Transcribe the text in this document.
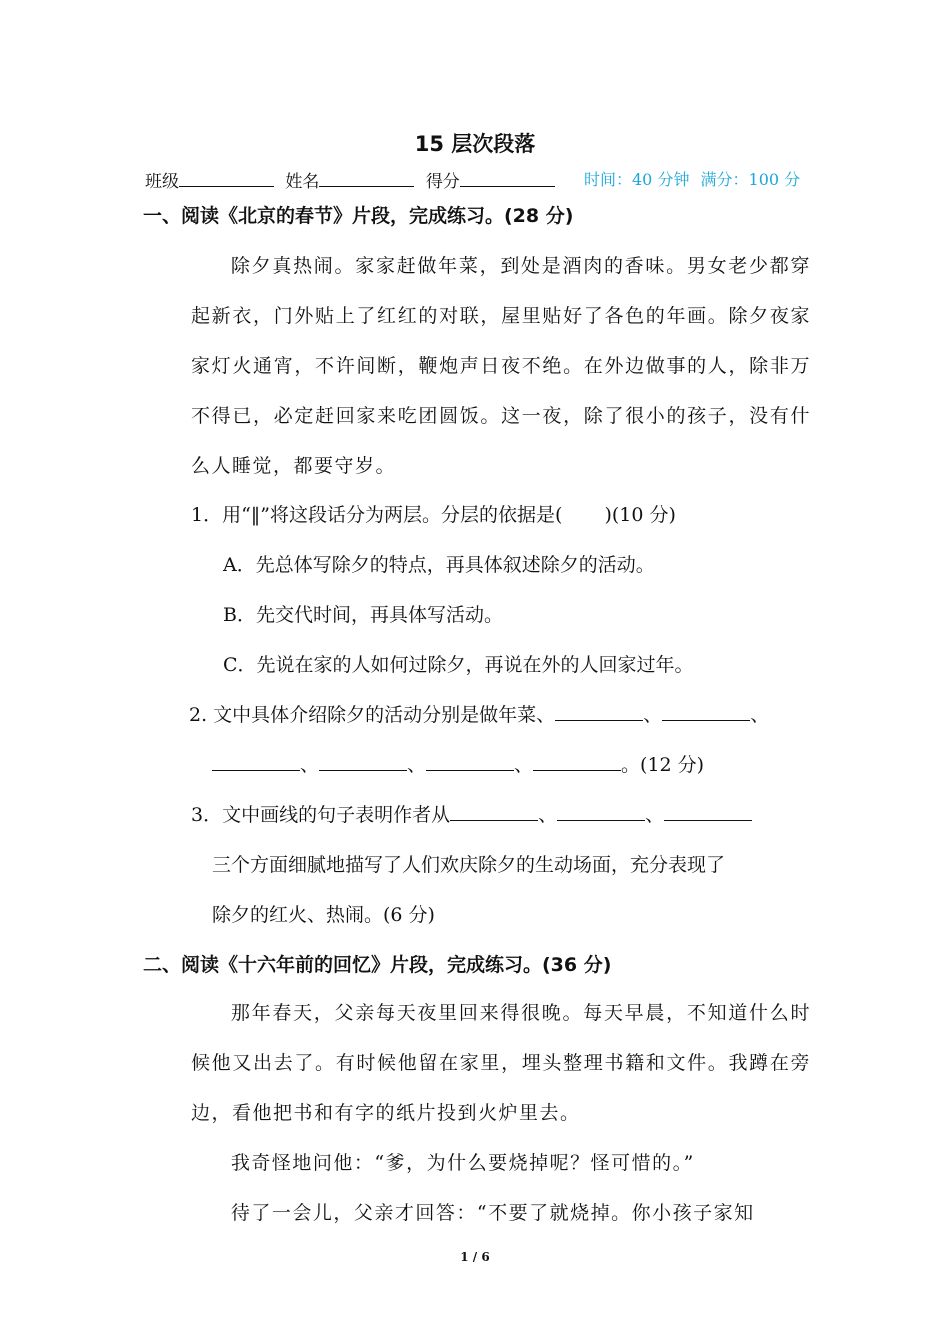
15 层次段落
班级	姓名	得分	时间：40 分钟 满分：100 分
一、阅读《北京的春节》片段，完成练习。(28 分)

除夕真热闹。家家赶做年菜，到处是酒肉的香味。男女老少都穿起新衣，门外贴上了红红的对联，屋里贴好了各色的年画。除夕夜家家灯火通宵，不许间断，鞭炮声日夜不绝。在外边做事的人，除非万不得已，必定赶回家来吃团圆饭。这一夜，除了很小的孩子，没有什么人睡觉，都要守岁。

1．用“‖”将这段话分为两层。分层的依据是( )(10 分)
A．先总体写除夕的特点，再具体叙述除夕的活动。
B．先交代时间，再具体写活动。
C．先说在家的人如何过除夕，再说在外的人回家过年。
2. 文中具体介绍除夕的活动分别是做年菜、	、	、
、	、	、	。(12 分)
3．文中画线的句子表明作者从	、	、
三个方面细腻地描写了人们欢庆除夕的生动场面，充分表现了
除夕的红火、热闹。(6 分)
二、阅读《十六年前的回忆》片段，完成练习。(36 分)

那年春天，父亲每天夜里回来得很晚。每天早晨，不知道什么时候他又出去了。有时候他留在家里，埋头整理书籍和文件。我蹲在旁边，看他把书和有字的纸片投到火炉里去。

我奇怪地问他：“爹，为什么要烧掉呢？怪可惜的。”

待了一会儿，父亲才回答：“不要了就烧掉。你小孩子家知

1 / 6
